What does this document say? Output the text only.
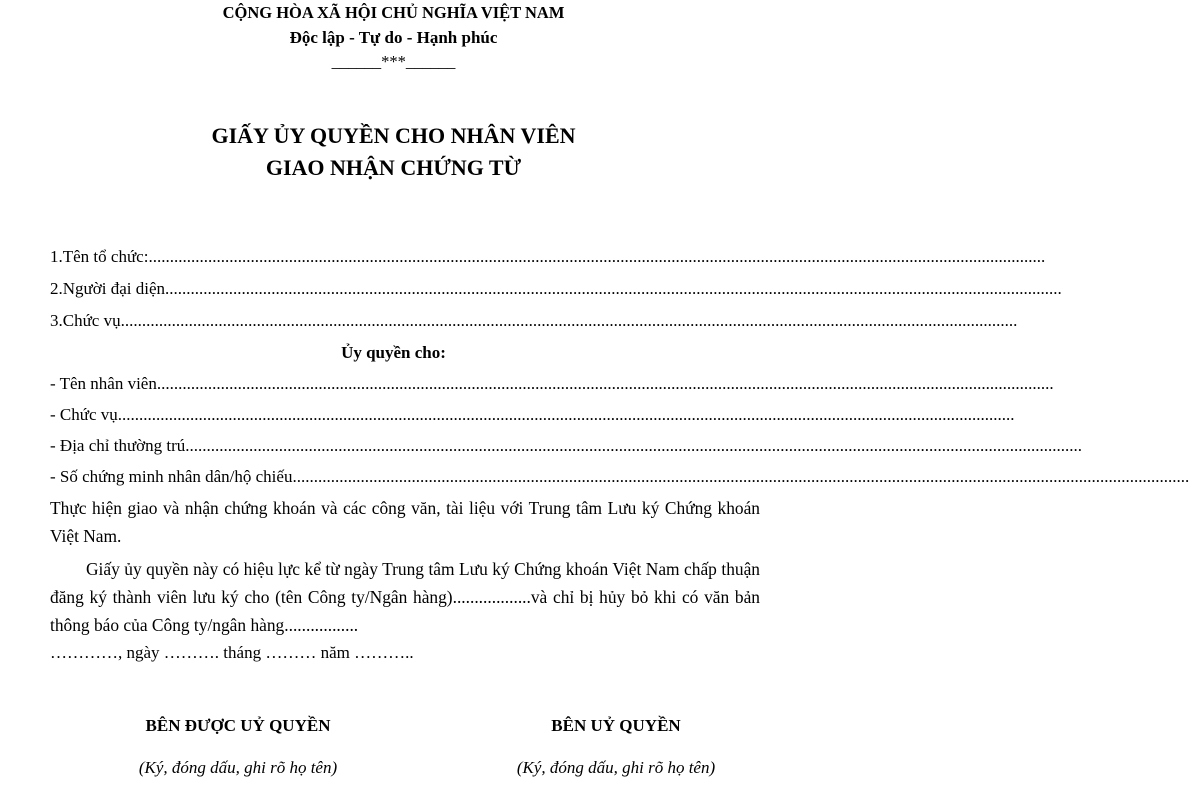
CỘNG HÒA XÃ HỘI CHỦ NGHĨA VIỆT NAM
Độc lập - Tự do - Hạnh phúc
______***______
GIẤY ỦY QUYỀN CHO NHÂN VIÊN
GIAO NHẬN CHỨNG TỪ
1. Tên tổ chức: ...................................................................................................................................................................................................................
2. Người đại diện ...................................................................................................................................................................................................................
3. Chức vụ ...................................................................................................................................................................................................................
Ủy quyền cho:
- Tên nhân viên ...................................................................................................................................................................................................................
- Chức vụ ...................................................................................................................................................................................................................
- Địa chỉ thường trú ...................................................................................................................................................................................................................
- Số chứng minh nhân dân/hộ chiếu ...................................................................................................................................................................................................................
Thực hiện giao và nhận chứng khoán và các công văn, tài liệu với Trung tâm Lưu ký Chứng khoán Việt Nam.
Giấy ủy quyền này có hiệu lực kể từ ngày Trung tâm Lưu ký Chứng khoán Việt Nam chấp thuận đăng ký thành viên lưu ký cho (tên Công ty/Ngân hàng)..................và chỉ bị hủy bỏ khi có văn bản thông báo của Công ty/ngân hàng.................
…………, ngày ………. tháng ……… năm ………..
BÊN ĐƯỢC UỶ QUYỀN
(Ký, đóng dấu, ghi rõ họ tên)
BÊN UỶ QUYỀN
(Ký, đóng dấu, ghi rõ họ tên)
